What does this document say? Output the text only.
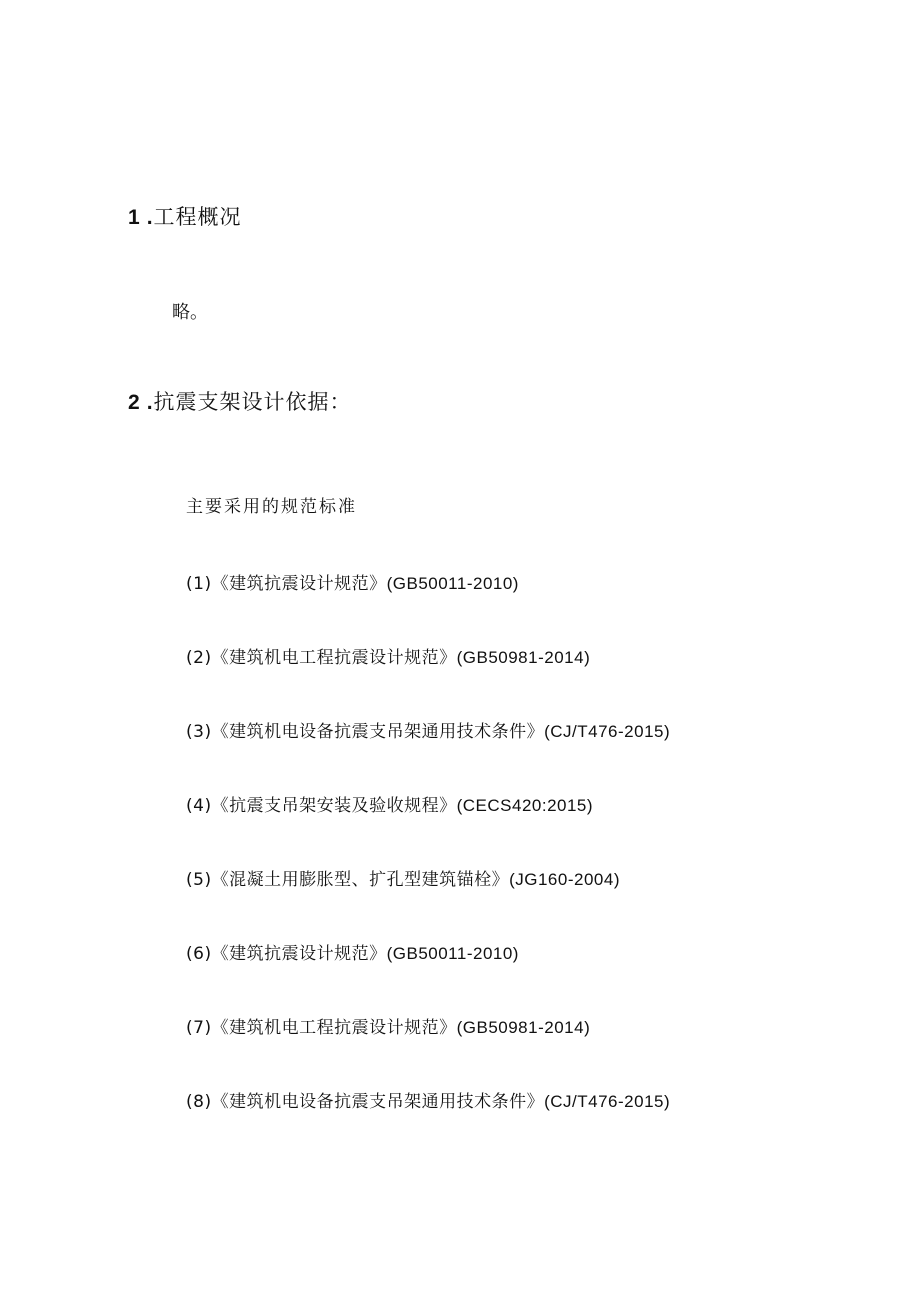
1 .工程概况
略。
2 .抗震支架设计依据：
主要采用的规范标准
(1)《建筑抗震设计规范》(GB50011-2010)
(2)《建筑机电工程抗震设计规范》(GB50981-2014)
(3)《建筑机电设备抗震支吊架通用技术条件》(CJ/T476-2015)
(4)《抗震支吊架安装及验收规程》(CECS420:2015)
(5)《混凝土用膨胀型、扩孔型建筑锚栓》(JG160-2004)
(6)《建筑抗震设计规范》(GB50011-2010)
(7)《建筑机电工程抗震设计规范》(GB50981-2014)
(8)《建筑机电设备抗震支吊架通用技术条件》(CJ/T476-2015)
